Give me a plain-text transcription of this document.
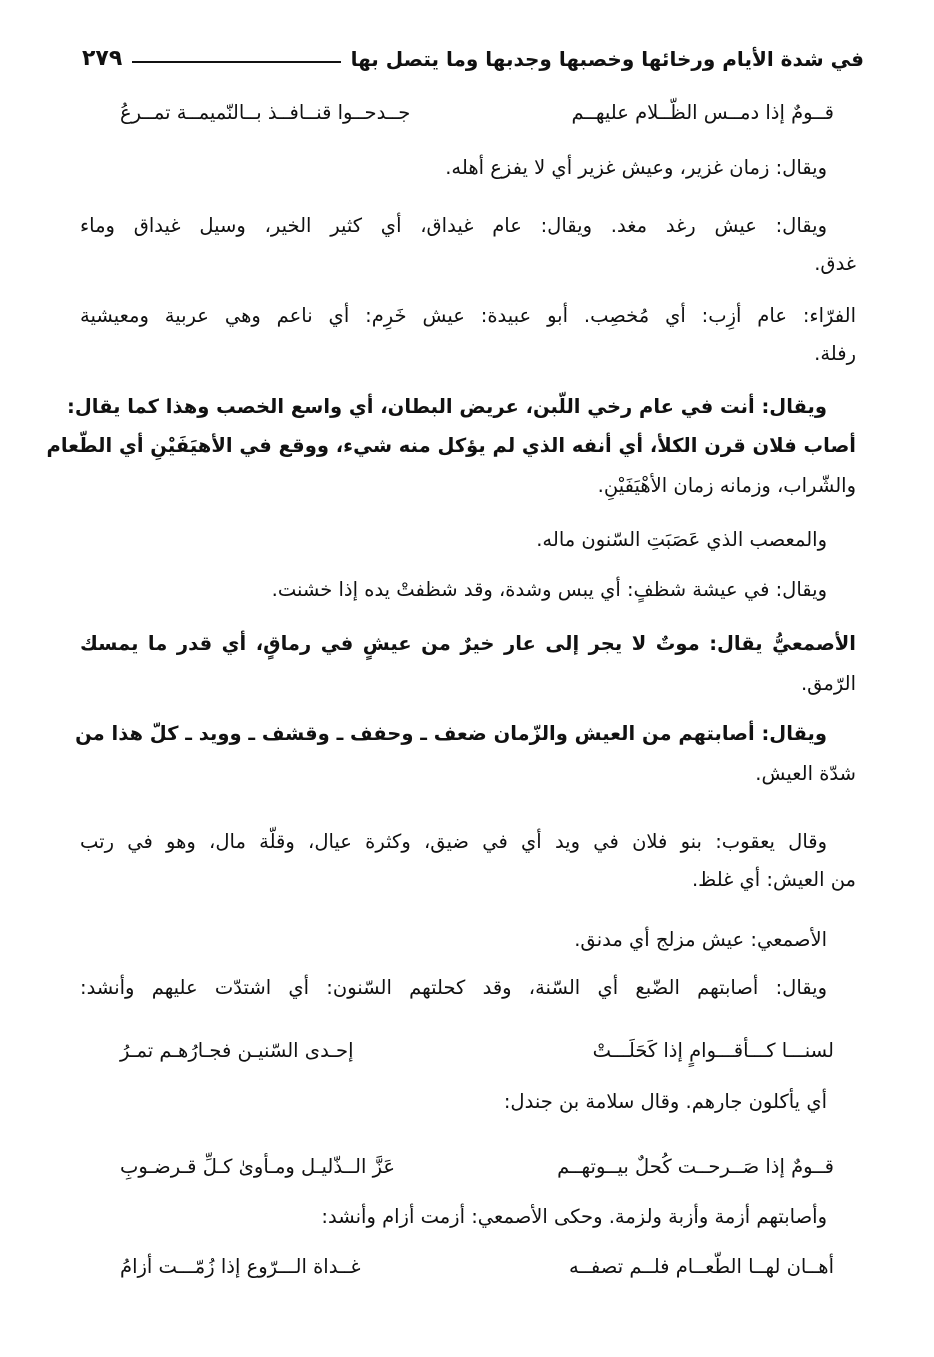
في شدة الأيام ورخائها وخصبها وجدبها وما يتصل بها
٢٧٩
قــومٌ إذا دمــس الظّــلام عليهــم
جــدحــوا قنــافــذ بــالنّميمــة تمــرعُ
ويقال: زمان غزير، وعيش غزير أي لا يفزع أهله.
ويقال: عيش رغد مغد. ويقال: عام غيداق، أي كثير الخير، وسيل غيداق وماء
غدق.
الفرّاء: عام أزِب: أي مُخصِب. أبو عبيدة: عيش خَرِم: أي ناعم وهي عربية ومعيشية
رفلة.
ويقال: أنت في عام رخي اللّبن، عريض البطان، أي واسع الخصب وهذا كما يقال:
أصاب فلان قرن الكلأ، أي أنفه الذي لم يؤكل منه شيء، ووقع في الأهيَفَيْنِ أي الطّعام
والشّراب، وزمانه زمان الأهْيَفَيْنِ.
والمعصب الذي عَصَبَتِ السّنون ماله.
ويقال: في عيشة شظفٍ: أي يبس وشدة، وقد شظفتْ يده إذا خشنت.
الأصمعيُّ يقال: موتٌ لا يجر إلى عار خيرٌ من عيشٍ في رماقٍ، أي قدر ما يمسك
الرّمق.
ويقال: أصابتهم من العيش والزّمان ضعف ـ وحفف ـ وقشف ـ وويد ـ كلّ هذا من
شدّة العيش.
وقال يعقوب: بنو فلان في ويد أي في ضيق، وكثرة عيال، وقلّة مال، وهو في رتب
من العيش: أي غلظ.
الأصمعي: عيش مزلج أي مدنق.
ويقال: أصابتهم الضّبع أي السّنة، وقد كحلتهم السّنون: أي اشتدّت عليهم وأنشد:
لسنـــا كـــأقـــوامٍ إذا كَحَلَـــتْ
إحـدى السّنيـن فجـارُهـم تمـرُ
أي يأكلون جارهم. وقال سلامة بن جندل:
قــومٌ إذا صَــرحــت كُحلٌ بيــوتهــم
عَزَّ الــذّليـل ومـأوىٰ كـلِّ قـرضـوبِ
وأصابتهم أزمة وأزبة ولزمة. وحكى الأصمعي: أزمت أزام وأنشد:
أهــان لهــا الطّعــام فلــم تصفــه
غــداة الـــرّوع إذا زُمّـــت أزامُ
